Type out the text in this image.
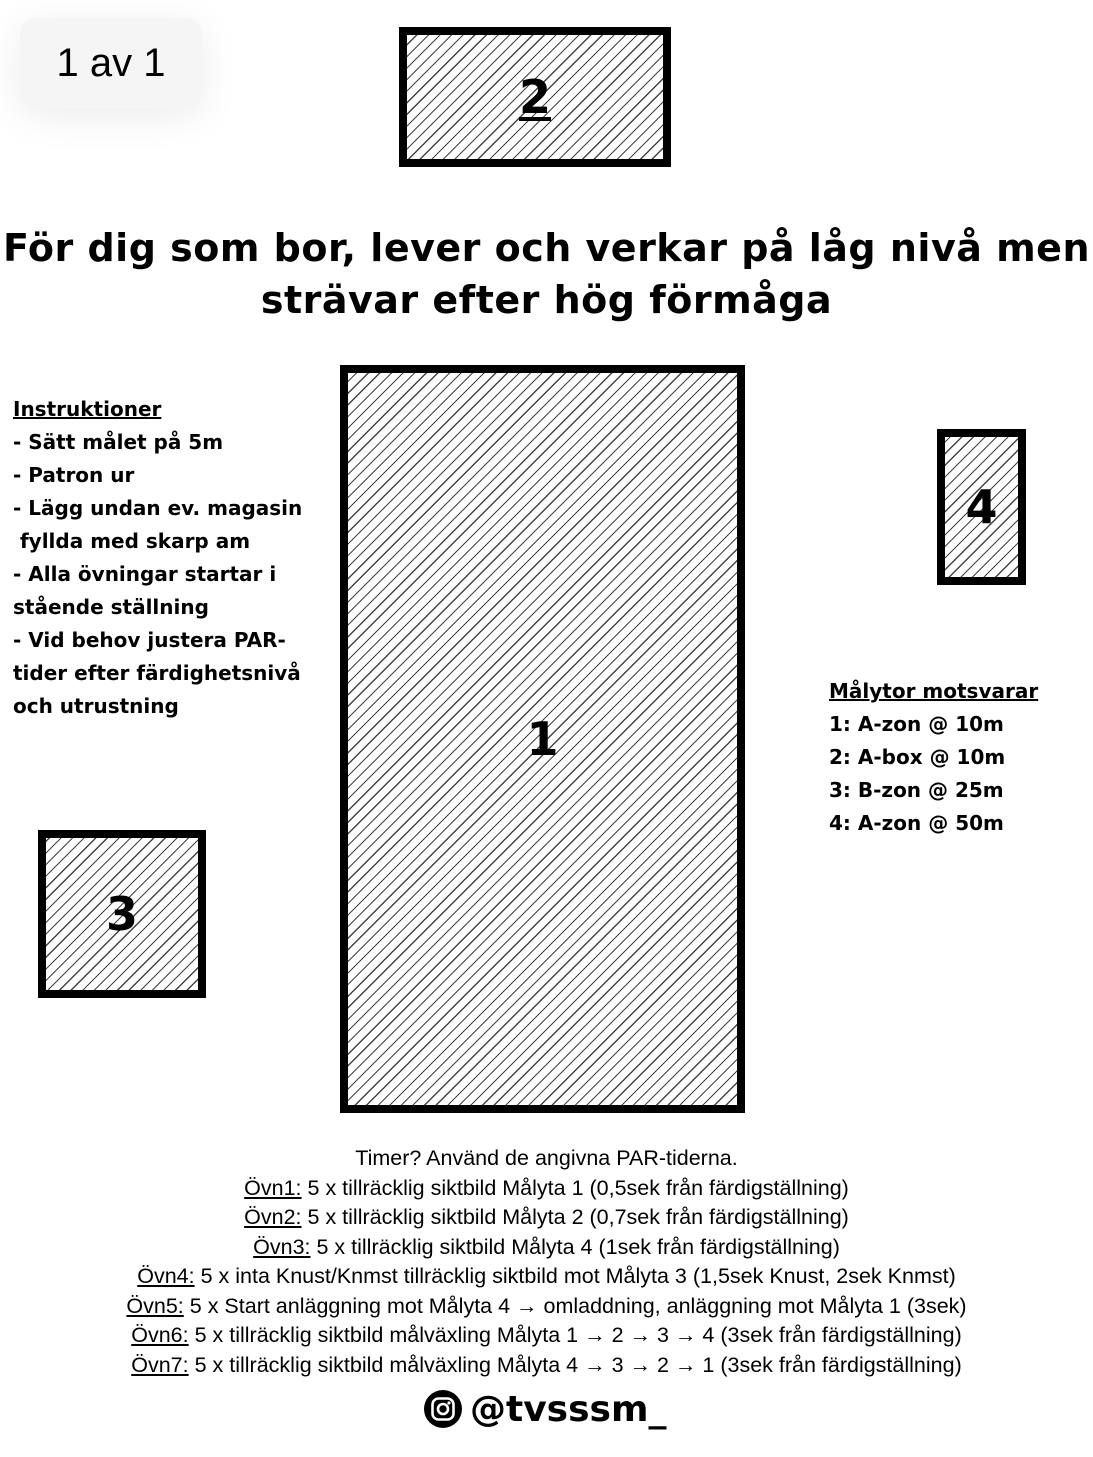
1 av 1
2
För dig som bor, lever och verkar på låg nivå men
strävar efter hög förmåga
Instruktioner
- Sätt målet på 5m
- Patron ur
- Lägg undan ev. magasin
fyllda med skarp am
- Alla övningar startar i
stående ställning
- Vid behov justera PAR-
tider efter färdighetsnivå
och utrustning
1
4
Målytor motsvarar
1: A-zon @ 10m
2: A-box @ 10m
3: B-zon @ 25m
4: A-zon @ 50m
3
Timer? Använd de angivna PAR-tiderna.
Övn1: 5 x tillräcklig siktbild Målyta 1 (0,5sek från färdigställning)
Övn2: 5 x tillräcklig siktbild Målyta 2 (0,7sek från färdigställning)
Övn3: 5 x tillräcklig siktbild Målyta 4 (1sek från färdigställning)
Övn4: 5 x inta Knust/Knmst tillräcklig siktbild mot Målyta 3 (1,5sek Knust, 2sek Knmst)
Övn5: 5 x Start anläggning mot Målyta 4 → omladdning, anläggning mot Målyta 1 (3sek)
Övn6: 5 x tillräcklig siktbild målväxling Målyta 1 → 2 → 3 → 4 (3sek från färdigställning)
Övn7: 5 x tillräcklig siktbild målväxling Målyta 4 → 3 → 2 → 1 (3sek från färdigställning)
@tvsssm_
